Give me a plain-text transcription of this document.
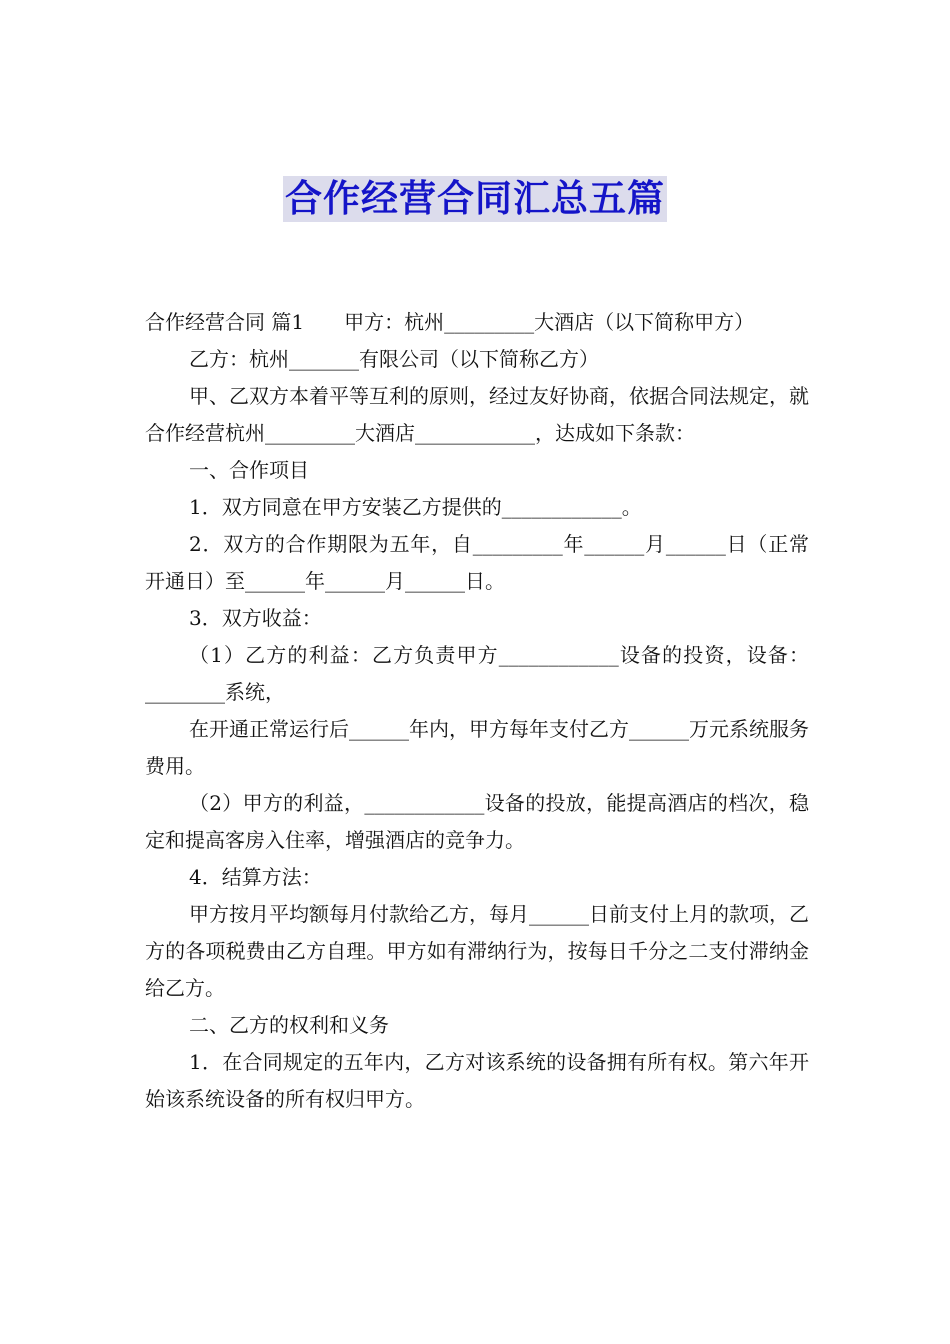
合作经营合同汇总五篇

合作经营合同 篇1 甲方：杭州_________大酒店（以下简称甲方）

乙方：杭州_______有限公司（以下简称乙方）

甲、乙双方本着平等互利的原则，经过友好协商，依据合同法规定，就合作经营杭州_________大酒店____________，达成如下条款：

一、合作项目

1．双方同意在甲方安装乙方提供的____________。

2．双方的合作期限为五年，自_________年______月______日（正常开通日）至______年______月______日。

3．双方收益：

（1）乙方的利益：乙方负责甲方____________设备的投资，设备：________系统，

在开通正常运行后______年内，甲方每年支付乙方______万元系统服务费用。

（2）甲方的利益，____________设备的投放，能提高酒店的档次，稳定和提高客房入住率，增强酒店的竞争力。

4．结算方法：

甲方按月平均额每月付款给乙方，每月______日前支付上月的款项，乙方的各项税费由乙方自理。甲方如有滞纳行为，按每日千分之二支付滞纳金给乙方。

二、乙方的权利和义务

1．在合同规定的五年内，乙方对该系统的设备拥有所有权。第六年开始该系统设备的所有权归甲方。
